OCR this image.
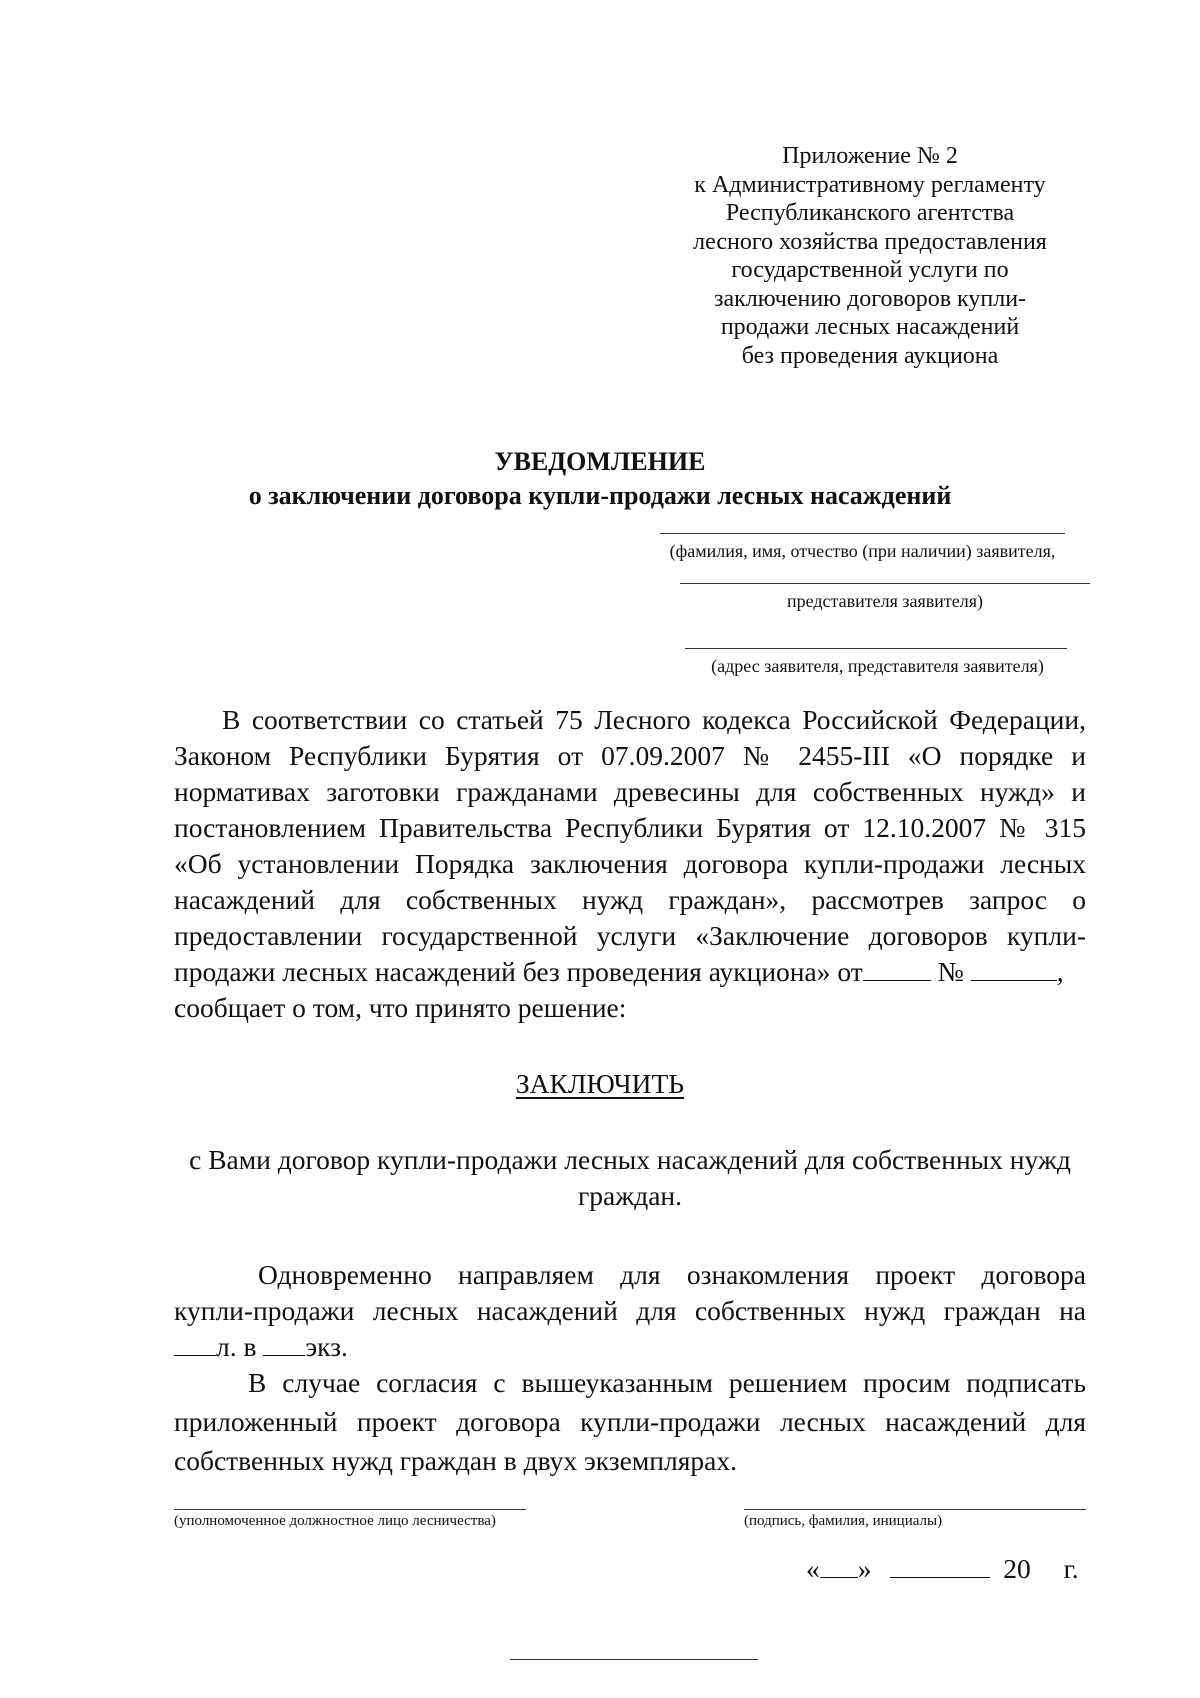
Приложение № 2
к Административному регламенту
Республиканского агентства
лесного хозяйства предоставления
государственной услуги по
заключению договоров купли-
продажи лесных насаждений
без проведения аукциона
УВЕДОМЛЕНИЕ
о заключении договора купли-продажи лесных насаждений
(фамилия, имя, отчество (при наличии) заявителя,
представителя заявителя)
(адрес заявителя, представителя заявителя)
В соответствии со статьей 75 Лесного кодекса Российской Федерации,
Законом Республики Бурятия от 07.09.2007 № 2455-III «О порядке и
нормативах заготовки гражданами древесины для собственных нужд» и
постановлением Правительства Республики Бурятия от 12.10.2007 № 315
«Об установлении Порядка заключения договора купли-продажи лесных
насаждений для собственных нужд граждан», рассмотрев запрос о
предоставлении государственной услуги «Заключение договоров купли-
продажи лесных насаждений без проведения аукциона» от	№	,
сообщает о том, что принято решение:
ЗАКЛЮЧИТЬ
с Вами договор купли-продажи лесных насаждений для собственных нужд
граждан.
Одновременно направляем для ознакомления проект договора
купли-продажи лесных насаждений для собственных нужд граждан на
л. в экз.
В случае согласия с вышеуказанным решением просим подписать
приложенный проект договора купли-продажи лесных насаждений для
собственных нужд граждан в двух экземплярах.
(уполномоченное должностное лицо лесничества)	(подпись, фамилия, инициалы)
« »	20 г.
